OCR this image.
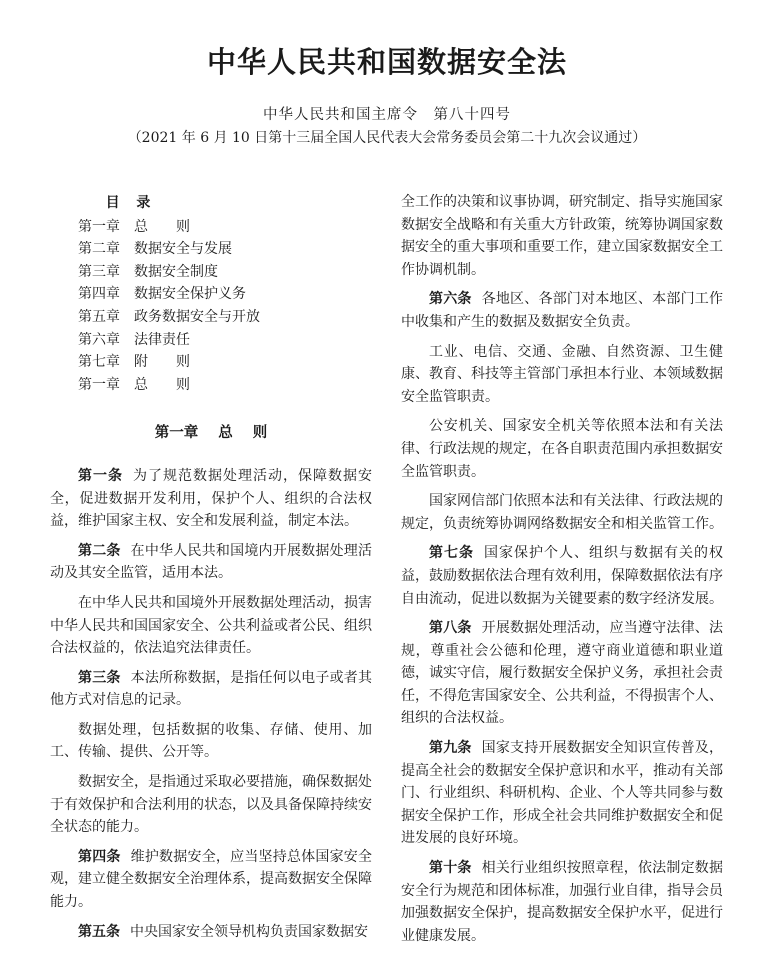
中华人民共和国数据安全法
中华人民共和国主席令　第八十四号
（2021 年 6 月 10 日第十三届全国人民代表大会常务委员会第二十九次会议通过）
目 录
第一章	总　　则
第二章	数据安全与发展
第三章	数据安全制度
第四章	数据安全保护义务
第五章	政务数据安全与开放
第六章	法律责任
第七章	附　　则
第一章	总　　则
第一章 总 则

第一条 为了规范数据处理活动，保障数据安全，促进数据开发利用，保护个人、组织的合法权益，维护国家主权、安全和发展利益，制定本法。

第二条 在中华人民共和国境内开展数据处理活动及其安全监管，适用本法。

在中华人民共和国境外开展数据处理活动，损害中华人民共和国国家安全、公共利益或者公民、组织合法权益的，依法追究法律责任。

第三条 本法所称数据，是指任何以电子或者其他方式对信息的记录。

数据处理，包括数据的收集、存储、使用、加工、传输、提供、公开等。

数据安全，是指通过采取必要措施，确保数据处于有效保护和合法利用的状态，以及具备保障持续安全状态的能力。

第四条 维护数据安全，应当坚持总体国家安全观，建立健全数据安全治理体系，提高数据安全保障能力。

第五条 中央国家安全领导机构负责国家数据安

全工作的决策和议事协调，研究制定、指导实施国家数据安全战略和有关重大方针政策，统筹协调国家数据安全的重大事项和重要工作，建立国家数据安全工作协调机制。

第六条 各地区、各部门对本地区、本部门工作中收集和产生的数据及数据安全负责。

工业、电信、交通、金融、自然资源、卫生健康、教育、科技等主管部门承担本行业、本领域数据安全监管职责。

公安机关、国家安全机关等依照本法和有关法律、行政法规的规定，在各自职责范围内承担数据安全监管职责。

国家网信部门依照本法和有关法律、行政法规的规定，负责统筹协调网络数据安全和相关监管工作。

第七条 国家保护个人、组织与数据有关的权益，鼓励数据依法合理有效利用，保障数据依法有序自由流动，促进以数据为关键要素的数字经济发展。

第八条 开展数据处理活动，应当遵守法律、法规，尊重社会公德和伦理，遵守商业道德和职业道德，诚实守信，履行数据安全保护义务，承担社会责任，不得危害国家安全、公共利益，不得损害个人、组织的合法权益。

第九条 国家支持开展数据安全知识宣传普及，提高全社会的数据安全保护意识和水平，推动有关部门、行业组织、科研机构、企业、个人等共同参与数据安全保护工作，形成全社会共同维护数据安全和促进发展的良好环境。

第十条 相关行业组织按照章程，依法制定数据安全行为规范和团体标准，加强行业自律，指导会员加强数据安全保护，提高数据安全保护水平，促进行业健康发展。
